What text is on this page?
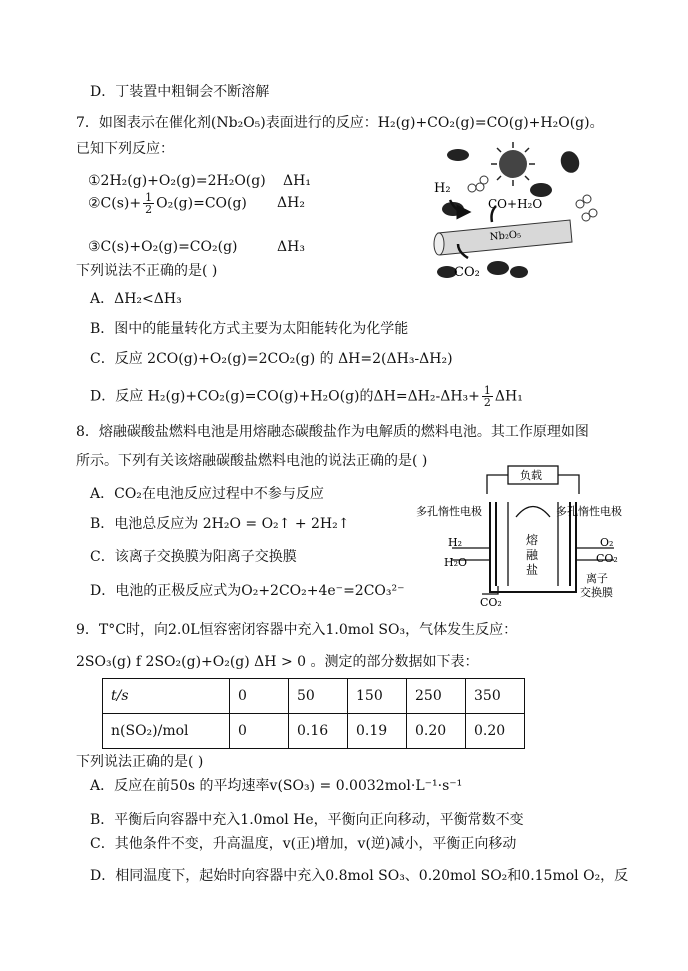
D．丁装置中粗铜会不断溶解
7．如图表示在催化剂(Nb₂O₅)表面进行的反应：H₂(g)+CO₂(g)=CO(g)+H₂O(g)。
已知下列反应：
①2H₂(g)+O₂(g)=2H₂O(g) ΔH₁
②C(s)+ $\frac{1}{2} O_2(g)=CO(g)$ ΔH₂
③C(s)+O₂(g)=CO₂(g)	ΔH₃
下列说法不正确的是( )
A．ΔH₂<ΔH₃
B．图中的能量转化方式主要为太阳能转化为化学能
C．反应 2CO(g)+O₂(g)=2CO₂(g) 的 ΔH=2(ΔH₃-ΔH₂)
D．反应 H₂(g)+CO₂(g)=CO(g)+H₂O(g)的$\Delta H=\Delta H_2-\Delta H_3+ \frac{1}{2} \Delta H_1$
8．熔融碳酸盐燃料电池是用熔融态碳酸盐作为电解质的燃料电池。其工作原理如图
所示。下列有关该熔融碳酸盐燃料电池的说法正确的是( )
A．CO₂在电池反应过程中不参与反应
B．电池总反应为 2H₂O = O₂↑ + 2H₂↑
C．该离子交换膜为阳离子交换膜
D．电池的正极反应式为O₂+2CO₂+4e⁻=2CO₃²⁻
9．T°C时，向2.0L恒容密闭容器中充入1.0mol SO₃，气体发生反应：
2SO₃(g) f 2SO₂(g)+O₂(g) ΔH > 0 。测定的部分数据如下表：
t/s	0	50	150	250	350
n(SO₂)/mol	0	0.16	0.19	0.20	0.20
下列说法正确的是( )
A．反应在前50s 的平均速率v(SO₃) = 0.0032mol·L⁻¹·s⁻¹
B．平衡后向容器中充入1.0mol He，平衡向正向移动，平衡常数不变
C．其他条件不变，升高温度，v(正)增加，v(逆)减小，平衡正向移动
D．相同温度下，起始时向容器中充入0.8mol SO₃、0.20mol SO₂和0.15mol O₂，反
H₂
CO+H₂O
Nb₂O₅
CO₂
负载
多孔惰性电极	多孔惰性电极
熔
融
盐
H₂
H₂O
O₂
CO₂
CO₂
离子
交换膜
